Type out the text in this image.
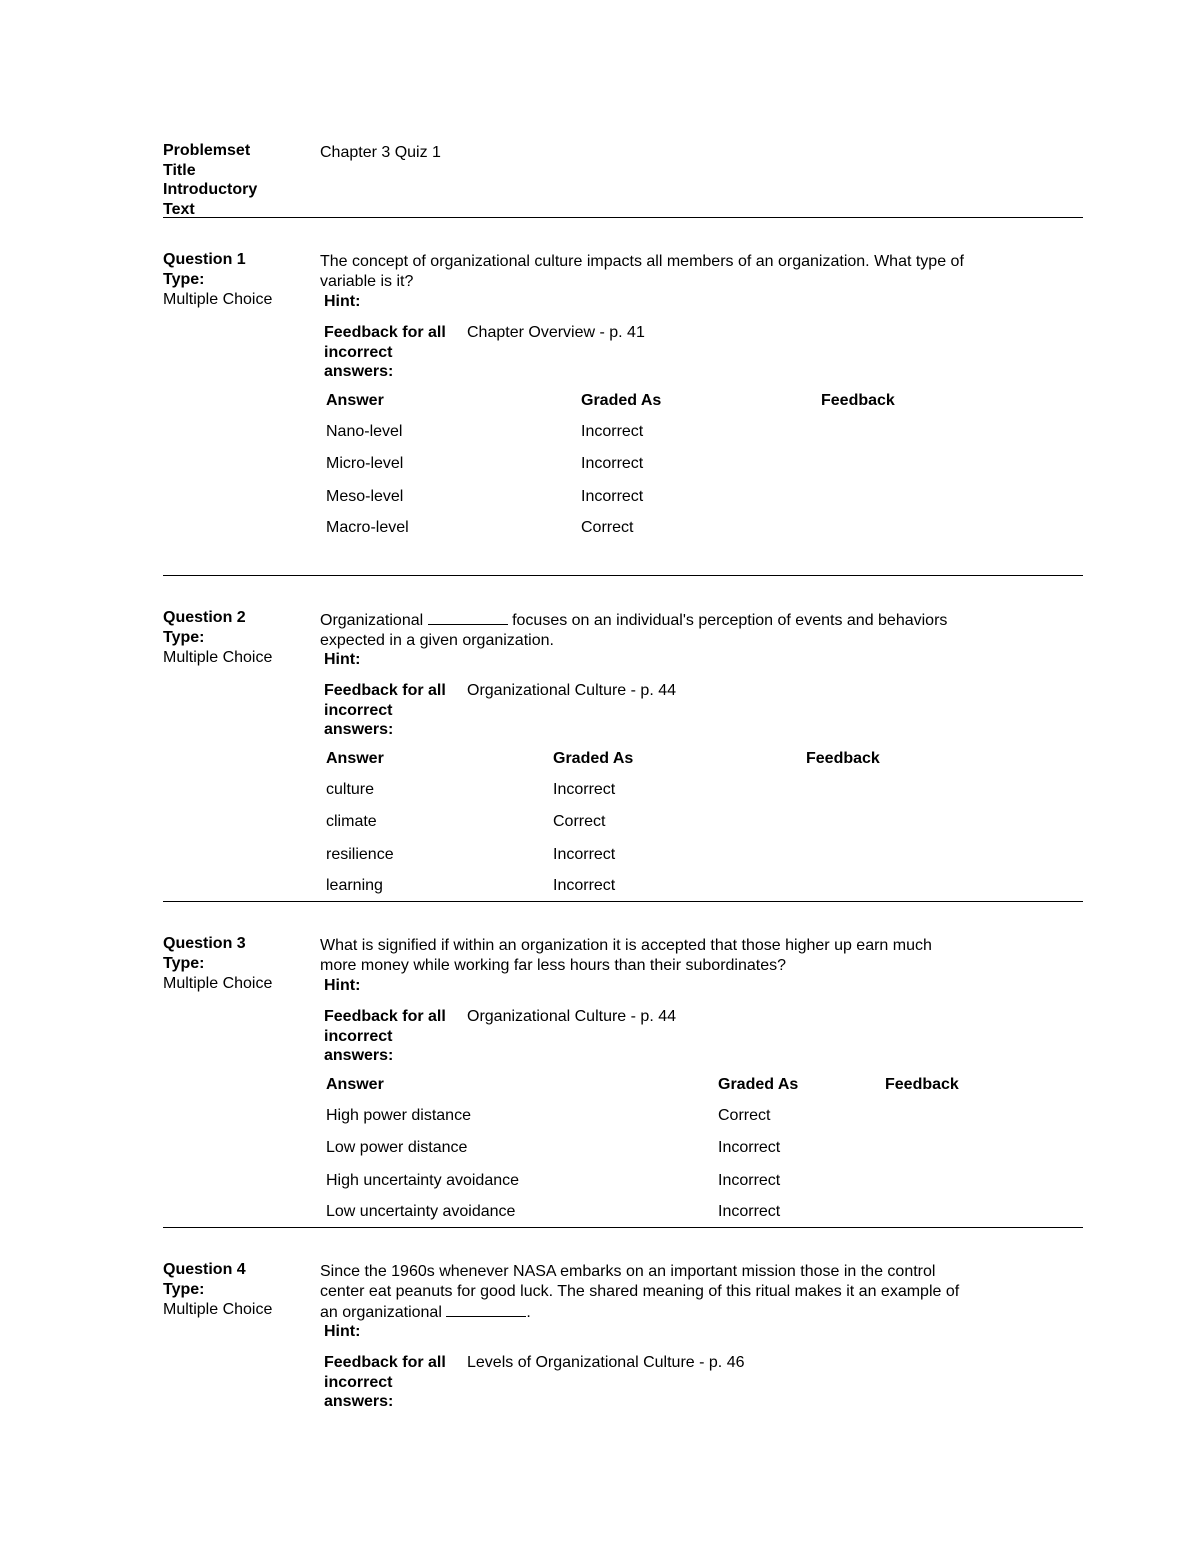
Problemset
Title
Introductory
Text
Chapter 3 Quiz 1
Question 1
Type:
Multiple Choice
The concept of organizational culture impacts all members of an organization. What type of
variable is it?
Hint:
Feedback for all
incorrect
answers:
Chapter Overview - p. 41
Answer	Graded As	Feedback
Nano-level	Incorrect
Micro-level	Incorrect
Meso-level	Incorrect
Macro-level	Correct
Question 2
Type:
Multiple Choice
Organizational	focuses on an individual's perception of events and behaviors
expected in a given organization.
Hint:
Feedback for all
incorrect
answers:
Organizational Culture - p. 44
Answer	Graded As	Feedback
culture	Incorrect
climate	Correct
resilience	Incorrect
learning	Incorrect
Question 3
Type:
Multiple Choice
What is signified if within an organization it is accepted that those higher up earn much
more money while working far less hours than their subordinates?
Hint:
Feedback for all
incorrect
answers:
Organizational Culture - p. 44
Answer	Graded As	Feedback
High power distance	Correct
Low power distance	Incorrect
High uncertainty avoidance	Incorrect
Low uncertainty avoidance	Incorrect
Question 4
Type:
Multiple Choice
Since the 1960s whenever NASA embarks on an important mission those in the control
center eat peanuts for good luck. The shared meaning of this ritual makes it an example of
an organizational	.
Hint:
Feedback for all
incorrect
answers:
Levels of Organizational Culture - p. 46
